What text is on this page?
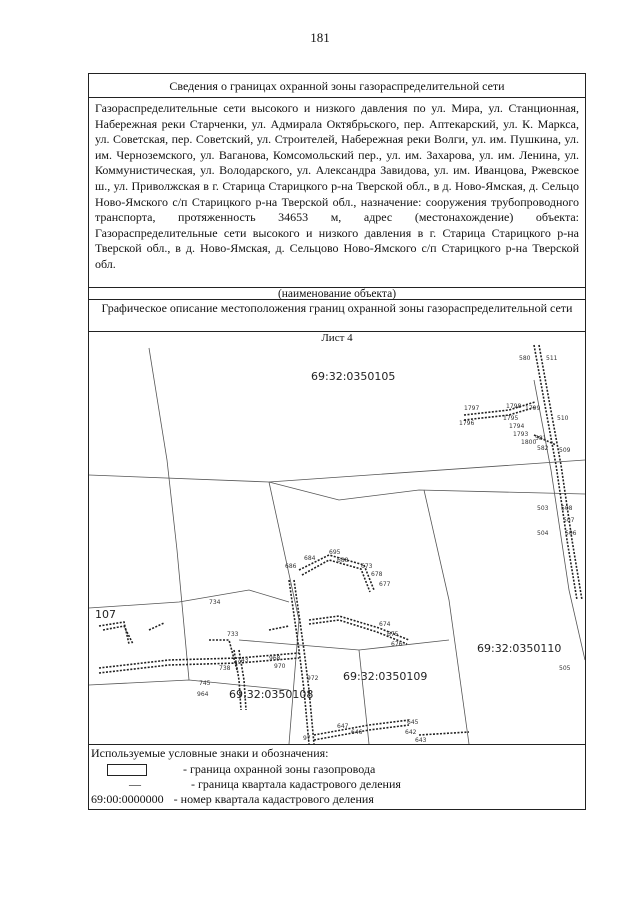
181
Сведения о границах охранной зоны газораспределительной сети
Газораспределительные сети высокого и низкого давления по ул. Мира, ул. Станционная, Набережная реки Старченки, ул. Адмирала Октябрьского, пер. Аптекарский, ул. К. Маркса, ул. Советская, пер. Советский, ул. Строителей, Набережная реки Волги, ул. им. Пушкина, ул. им. Черноземского, ул. Ваганова, Комсомольский пер., ул. им. Захарова, ул. им. Ленина, ул. Коммунистическая, ул. Володарского, ул. Александра Завидова, ул. им. Иванцова, Ржевское ш., ул. Приволжская в г. Старица Старицкого р-на Тверской обл., в д. Ново-Ямская, д. Сельцо Ново-Ямского с/п Старицкого р-на Тверской обл., назначение: сооружения трубопроводного транспорта, протяженность 34653 м, адрес (местонахождение) объекта: Газораспределительные сети высокого и низкого давления в г. Старица Старицкого р-на Тверской обл., в д. Ново-Ямская, д. Сельцово Ново-Ямского с/п Старицкого р-на Тверской обл.
(наименование объекта)
Графическое описание местоположения границ охранной зоны газораспределительной сети
Лист 4
69:32:0350105
69:32:0350110
69:32:0350109
69:32:0350108
107
580	511
510
509
582
581
1797	1798 1799
1796
1795
1794
1793
1800
508
507
503
504	506
505
695
684	688
686	673
678
677
674
675
676
734
733
738
743
745
964
968
970
972
645
642
643
647
646
97
Используемые условные знаки и обозначения:
- граница охранной зоны газопровода
—	- граница квартала кадастрового деления
69:00:0000000 - номер квартала кадастрового деления
